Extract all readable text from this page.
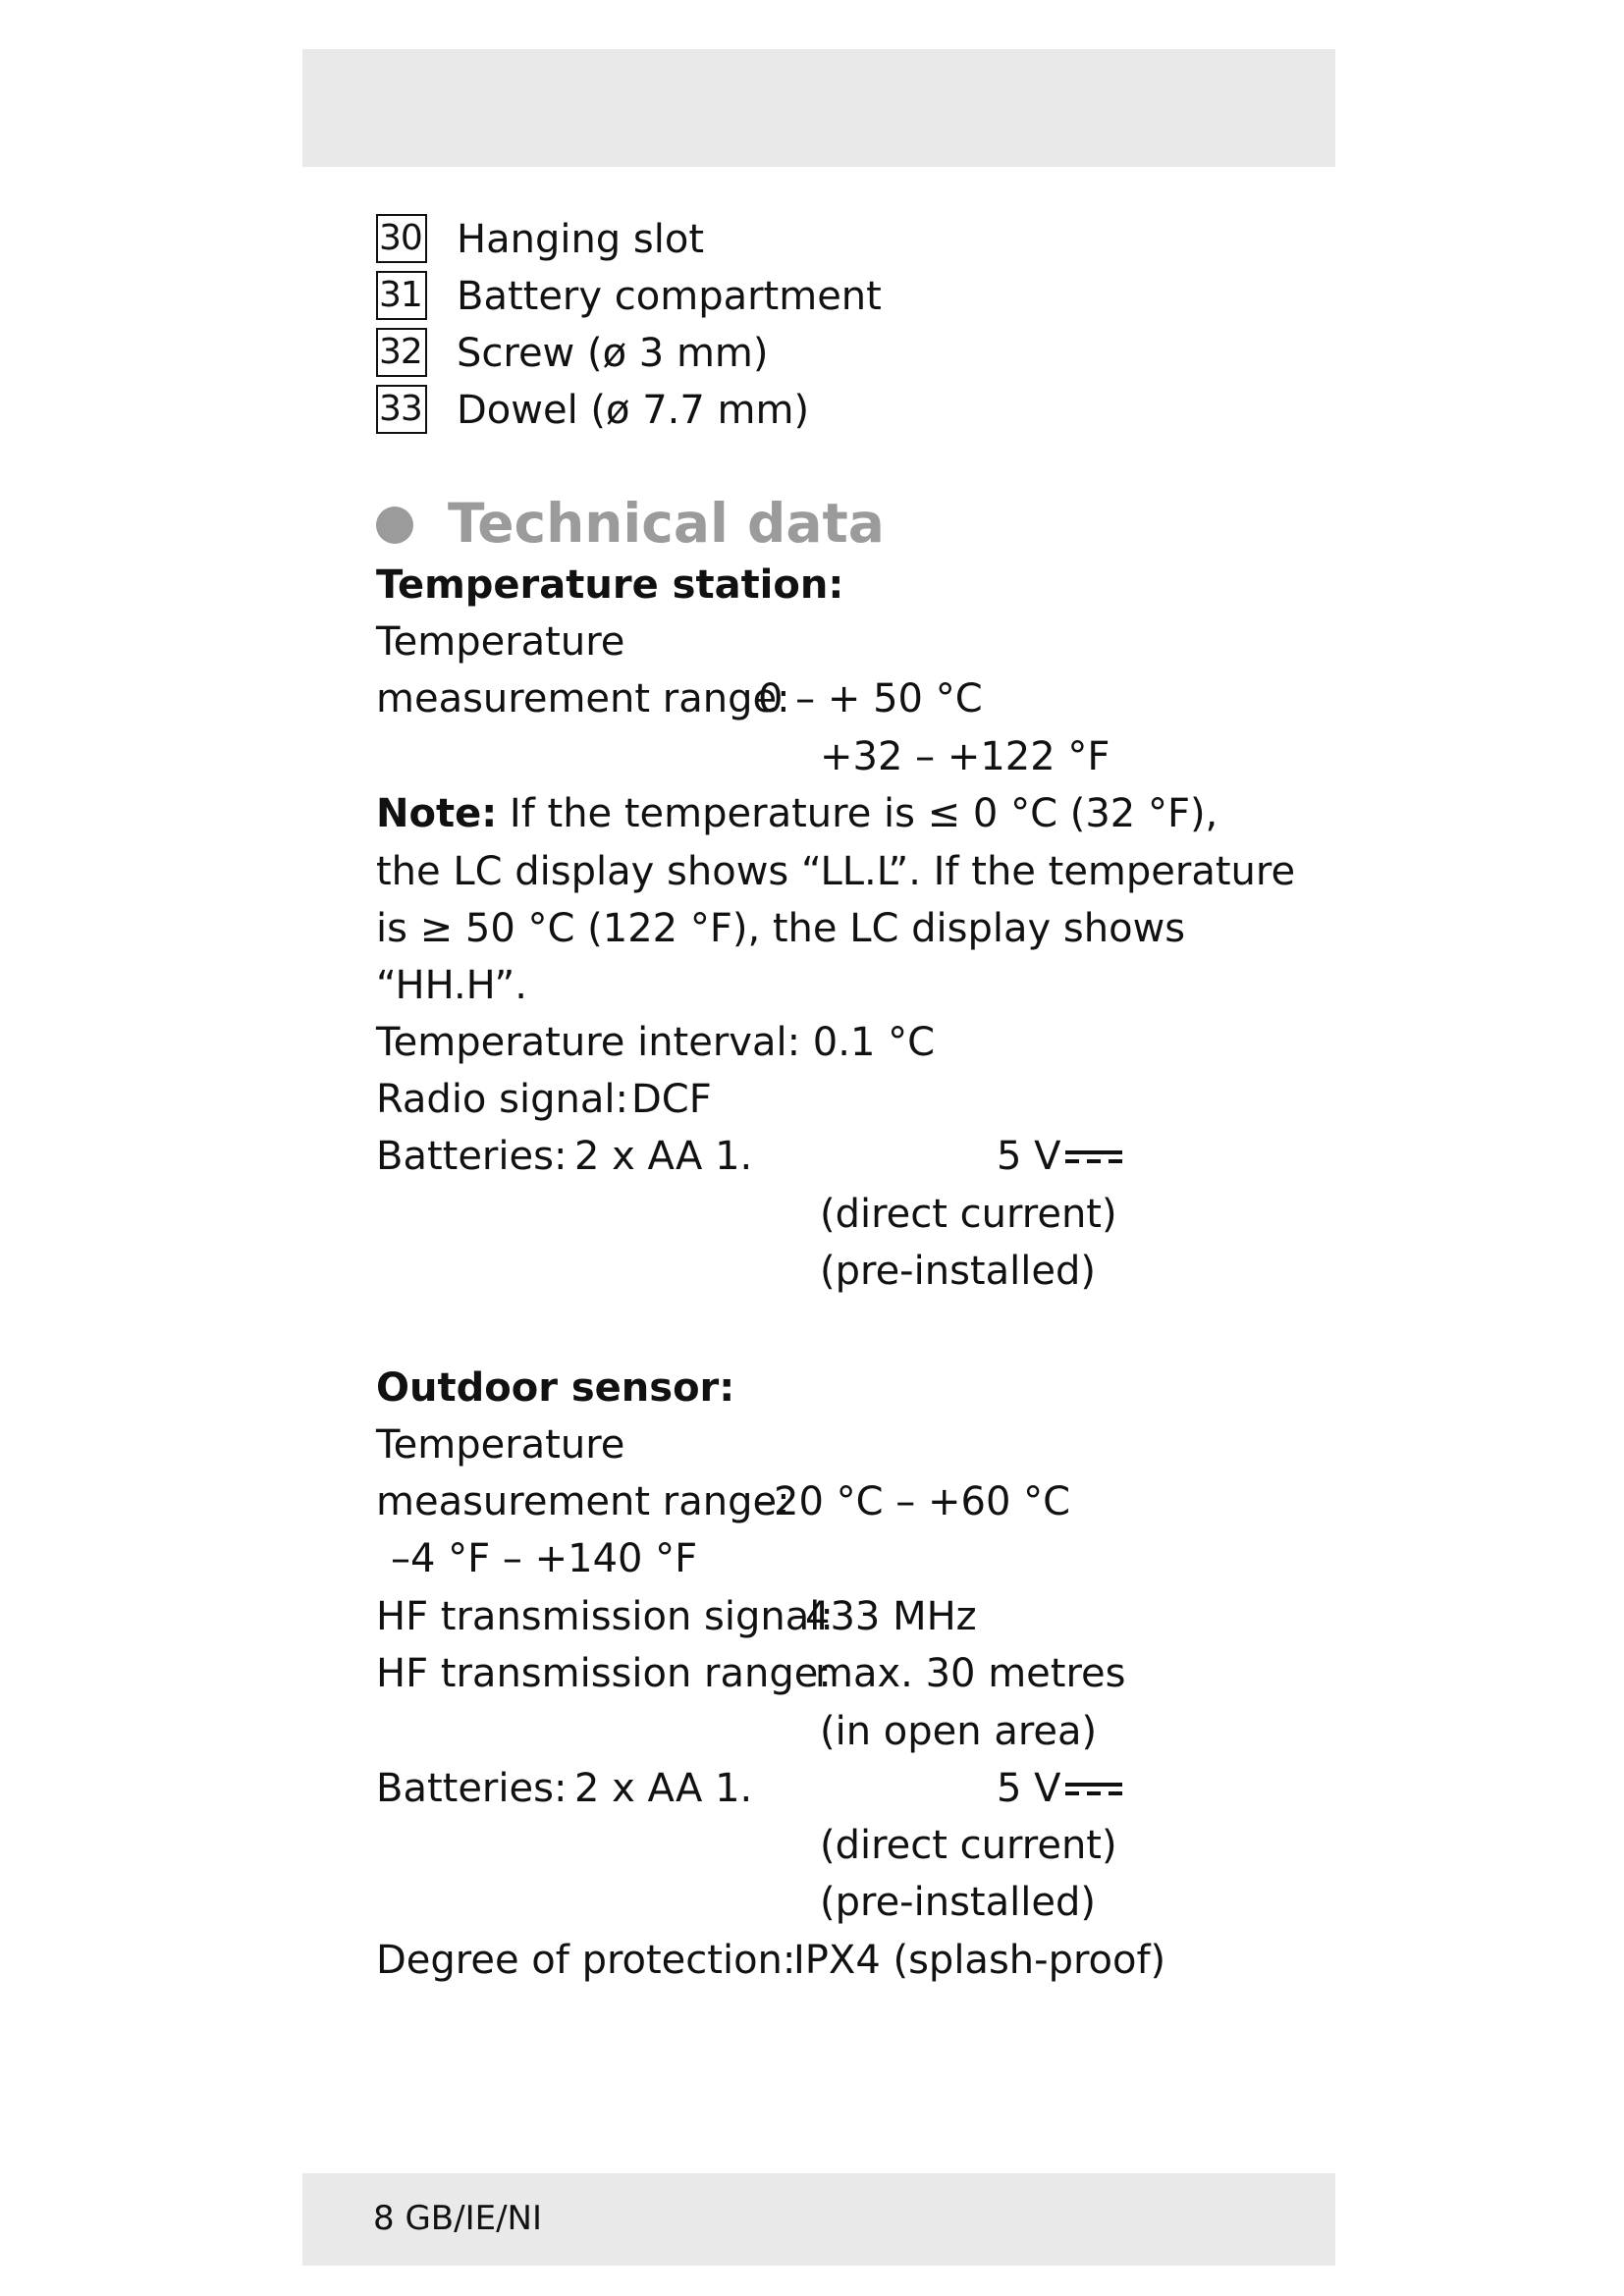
30 Hanging slot
31 Battery compartment
32 Screw (ø 3 mm)
33 Dowel (ø 7.7 mm)
Technical data
Temperature station:
Temperature
measurement range:
0 – + 50 °C
+32 – +122 °F
Note: If the temperature is ≤ 0 °C (32 °F),
the LC display shows “LL.L”. If the temperature
is ≥ 50 °C (122 °F), the LC display shows
“HH.H”.
Temperature interval: 0.1 °C
Radio signal: DCF
Batteries: 2 x AA 1.	5 V
(direct current)
(pre-installed)
Outdoor sensor:
Temperature
measurement range:
–20 °C – +60 °C
–4 °F – +140 °F
HF transmission signal:
433 MHz
HF transmission range:
max. 30 metres
(in open area)
Batteries: 2 x AA 1.	5 V
(direct current)
(pre-installed)
Degree of protection:
IPX4 (splash-proof)
8 GB/IE/NI
